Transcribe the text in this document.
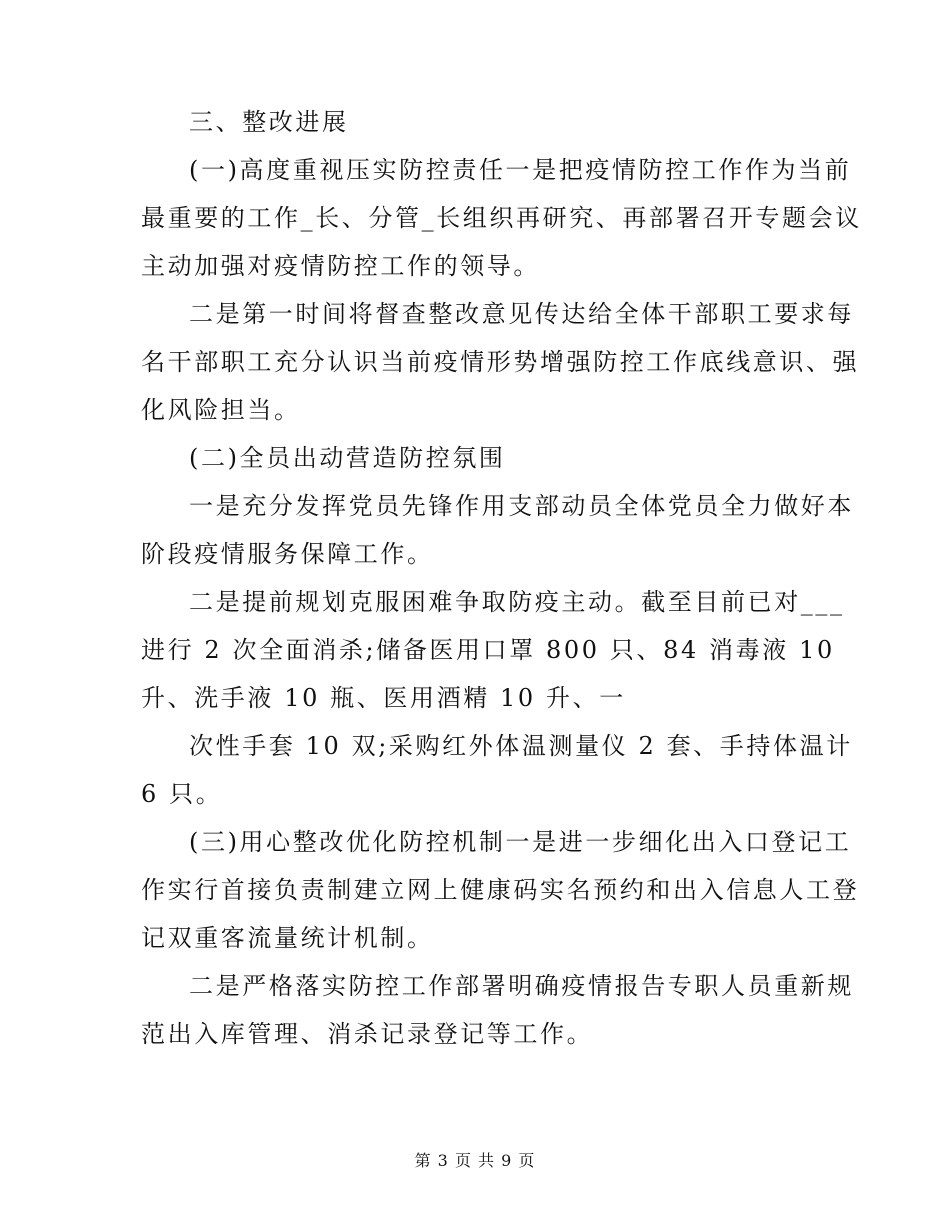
三、整改进展
(一)高度重视压实防控责任一是把疫情防控工作作为当前
最重要的工作_长、分管_长组织再研究、再部署召开专题会议
主动加强对疫情防控工作的领导。
二是第一时间将督查整改意见传达给全体干部职工要求每
名干部职工充分认识当前疫情形势增强防控工作底线意识、强
化风险担当。
(二)全员出动营造防控氛围
一是充分发挥党员先锋作用支部动员全体党员全力做好本
阶段疫情服务保障工作。
二是提前规划克服困难争取防疫主动。截至目前已对___
进行 2 次全面消杀;储备医用口罩 800 只、84 消毒液 10
升、洗手液 10 瓶、医用酒精 10 升、一
次性手套 10 双;采购红外体温测量仪 2 套、手持体温计
6 只。
(三)用心整改优化防控机制一是进一步细化出入口登记工
作实行首接负责制建立网上健康码实名预约和出入信息人工登
记双重客流量统计机制。
二是严格落实防控工作部署明确疫情报告专职人员重新规
范出入库管理、消杀记录登记等工作。
第 3 页 共 9 页
